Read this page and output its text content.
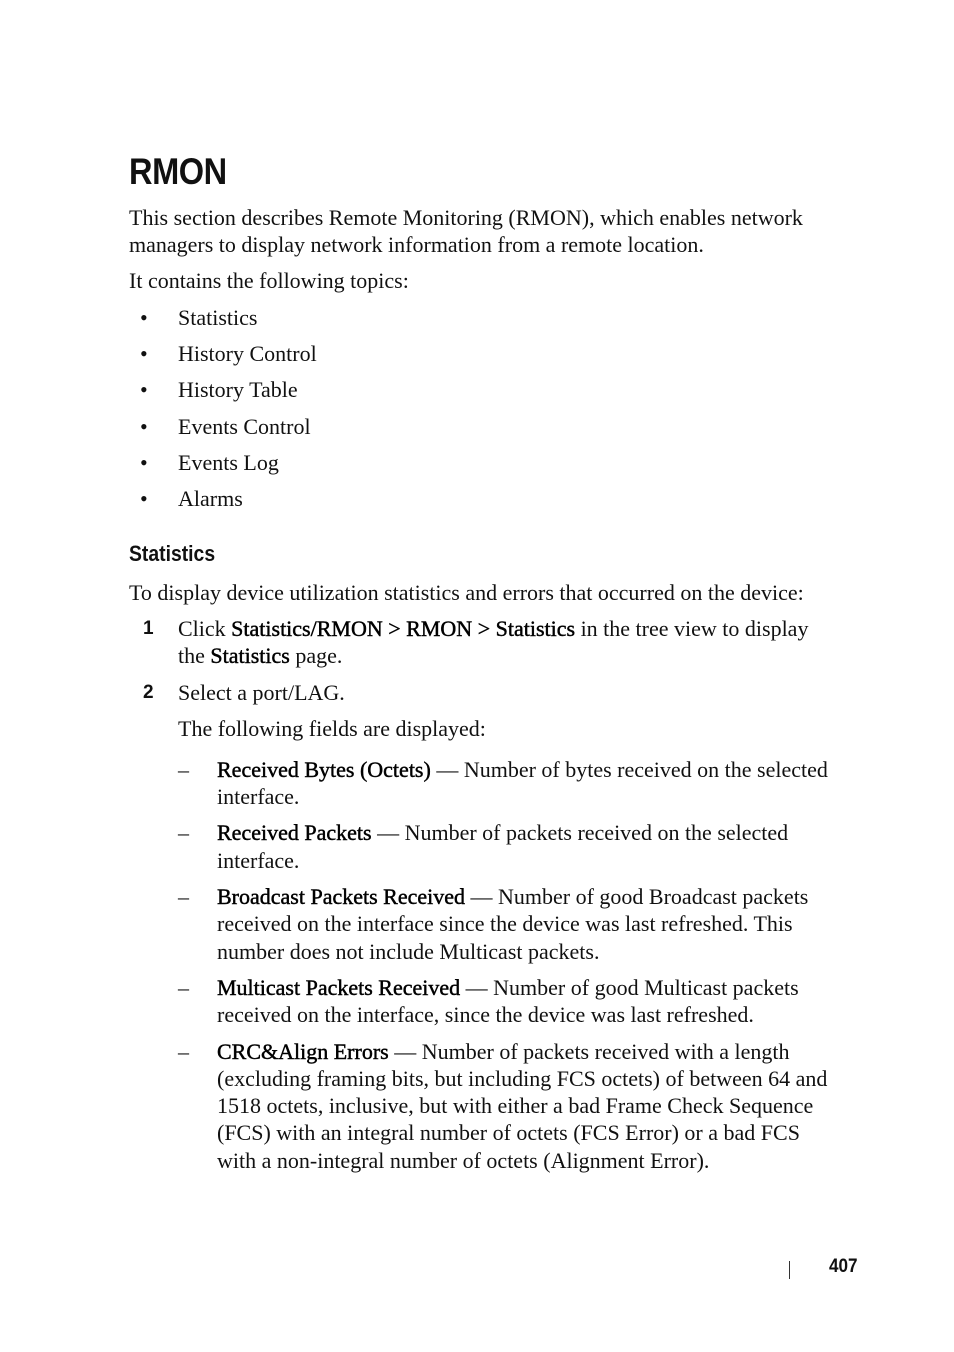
RMON

This section describes Remote Monitoring (RMON), which enables network

managers to display network information from a remote location.

It contains the following topics:

• Statistics

• History Control

• History Table

• Events Control

• Events Log

• Alarms

Statistics

To display device utilization statistics and errors that occurred on the device:

1 Click Statistics/RMON > RMON > Statistics in the tree view to display

the Statistics page.

2 Select a port/LAG.

The following fields are displayed:

– Received Bytes (Octets) — Number of bytes received on the selected

interface.

– Received Packets — Number of packets received on the selected

interface.

– Broadcast Packets Received — Number of good Broadcast packets

received on the interface since the device was last refreshed. This

number does not include Multicast packets.

– Multicast Packets Received — Number of good Multicast packets

received on the interface, since the device was last refreshed.

– CRC&Align Errors — Number of packets received with a length

(excluding framing bits, but including FCS octets) of between 64 and

1518 octets, inclusive, but with either a bad Frame Check Sequence

(FCS) with an integral number of octets (FCS Error) or a bad FCS

with a non-integral number of octets (Alignment Error).

407
